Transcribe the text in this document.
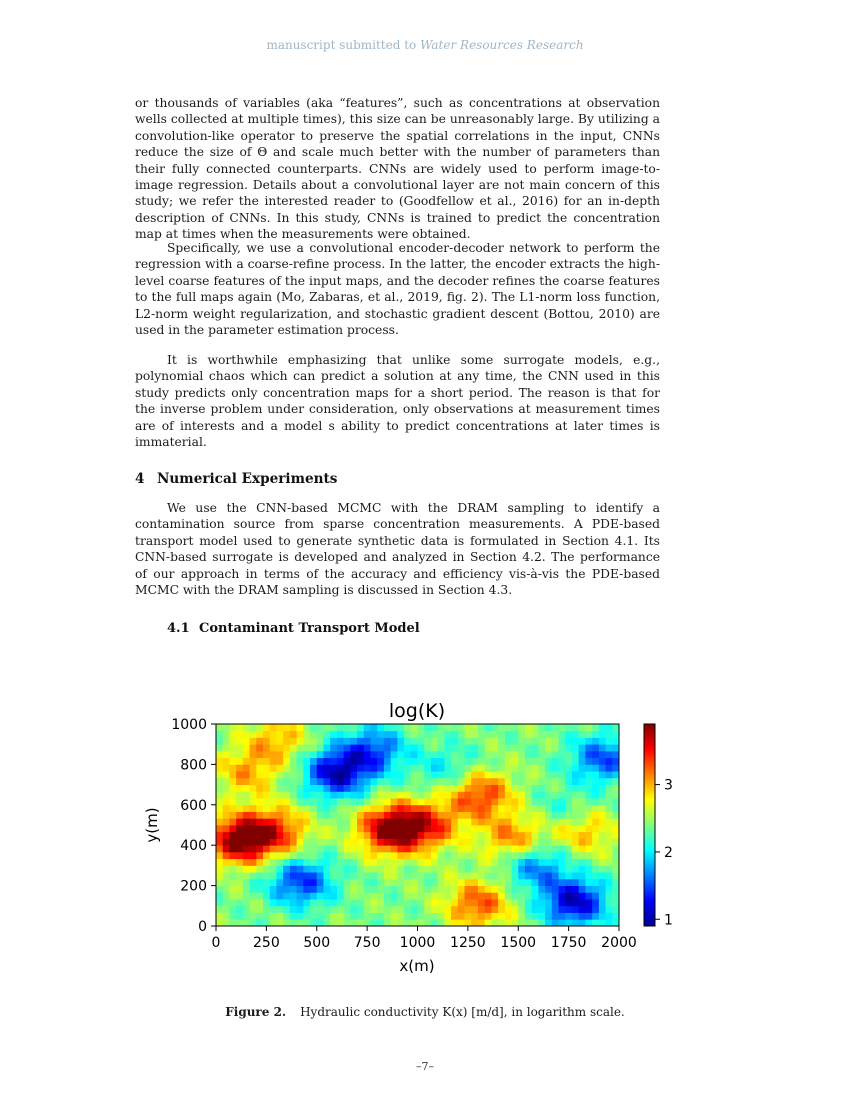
manuscript submitted to Water Resources Research
or thousands of variables (aka “features”, such as concentrations at observation wells collected at multiple times), this size can be unreasonably large. By utilizing a convolution-like operator to preserve the spatial correlations in the input, CNNs reduce the size of Θ and scale much better with the number of parameters than their fully connected counterparts. CNNs are widely used to perform image-to-image regression. Details about a convolutional layer are not main concern of this study; we refer the interested reader to (Goodfellow et al., 2016) for an in-depth description of CNNs. In this study, CNNs is trained to predict the concentration map at times when the measurements were obtained.
Specifically, we use a convolutional encoder-decoder network to perform the regression with a coarse-refine process. In the latter, the encoder extracts the high-level coarse features of the input maps, and the decoder refines the coarse features to the full maps again (Mo, Zabaras, et al., 2019, fig. 2). The L1-norm loss function, L2-norm weight regularization, and stochastic gradient descent (Bottou, 2010) are used in the parameter estimation process.
It is worthwhile emphasizing that unlike some surrogate models, e.g., polynomial chaos which can predict a solution at any time, the CNN used in this study predicts only concentration maps for a short period. The reason is that for the inverse problem under consideration, only observations at measurement times are of interests and a model s ability to predict concentrations at later times is immaterial.
4 Numerical Experiments
We use the CNN-based MCMC with the DRAM sampling to identify a contamination source from sparse concentration measurements. A PDE-based transport model used to generate synthetic data is formulated in Section 4.1. Its CNN-based surrogate is developed and analyzed in Section 4.2. The performance of our approach in terms of the accuracy and efficiency vis-à-vis the PDE-based MCMC with the DRAM sampling is discussed in Section 4.3.
4.1 Contaminant Transport Model
log(K)
0 250 500 750 1000 1250 1500 1750 2000
0
200
400
600
800
1000
x(m)
y(m)
1
2
3
Figure 2. Hydraulic conductivity K(x) [m/d], in logarithm scale.
–7–
